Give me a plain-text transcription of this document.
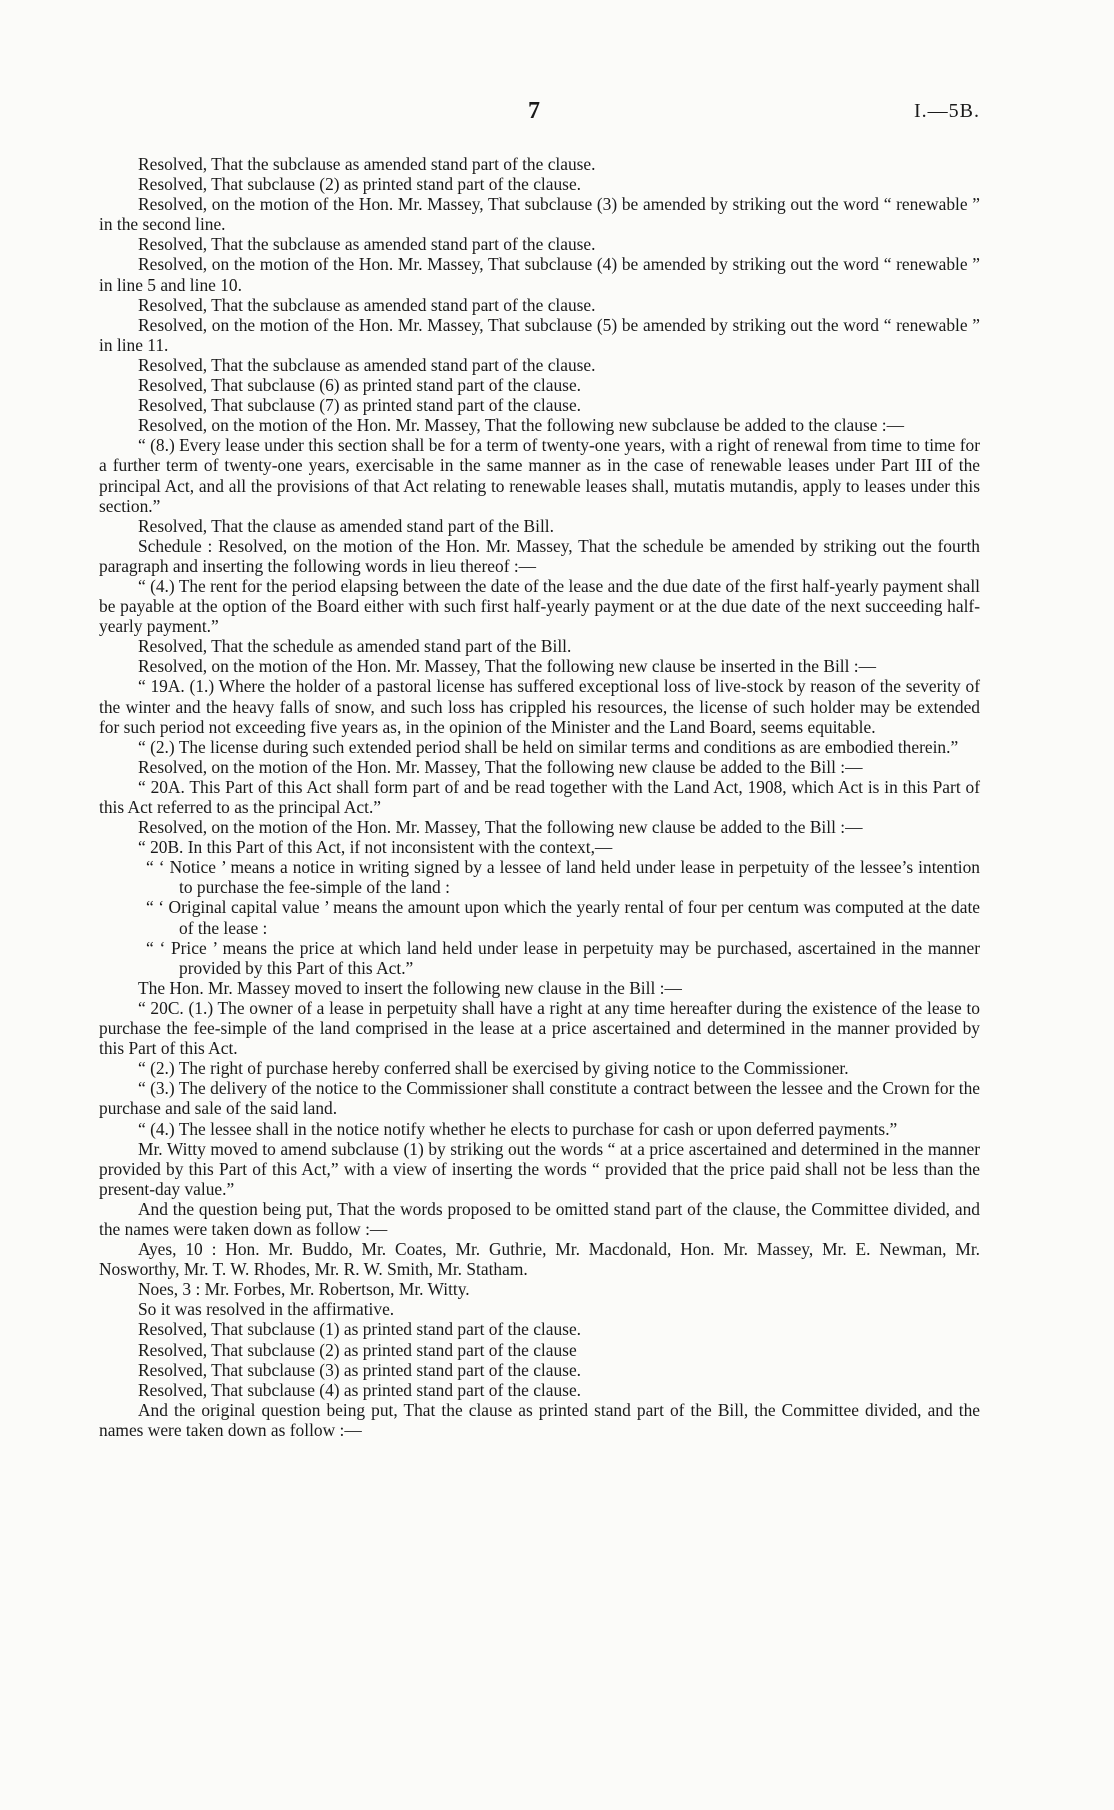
7	I.—5B.

Resolved, That the subclause as amended stand part of the clause.

Resolved, That subclause (2) as printed stand part of the clause.

Resolved, on the motion of the Hon. Mr. Massey, That subclause (3) be amended by striking out the word “ renewable ” in the second line.

Resolved, That the subclause as amended stand part of the clause.

Resolved, on the motion of the Hon. Mr. Massey, That subclause (4) be amended by striking out the word “ renewable ” in line 5 and line 10.

Resolved, That the subclause as amended stand part of the clause.

Resolved, on the motion of the Hon. Mr. Massey, That subclause (5) be amended by striking out the word “ renewable ” in line 11.

Resolved, That the subclause as amended stand part of the clause.

Resolved, That subclause (6) as printed stand part of the clause.

Resolved, That subclause (7) as printed stand part of the clause.

Resolved, on the motion of the Hon. Mr. Massey, That the following new subclause be added to the clause :—

“ (8.) Every lease under this section shall be for a term of twenty-one years, with a right of renewal from time to time for a further term of twenty-one years, exercisable in the same manner as in the case of renewable leases under Part III of the principal Act, and all the provisions of that Act relating to renewable leases shall, mutatis mutandis, apply to leases under this section.”

Resolved, That the clause as amended stand part of the Bill.

Schedule : Resolved, on the motion of the Hon. Mr. Massey, That the schedule be amended by striking out the fourth paragraph and inserting the following words in lieu thereof :—

“ (4.) The rent for the period elapsing between the date of the lease and the due date of the first half-yearly payment shall be payable at the option of the Board either with such first half-yearly payment or at the due date of the next succeeding half-yearly payment.”

Resolved, That the schedule as amended stand part of the Bill.

Resolved, on the motion of the Hon. Mr. Massey, That the following new clause be inserted in the Bill :—

“ 19A. (1.) Where the holder of a pastoral license has suffered exceptional loss of live-stock by reason of the severity of the winter and the heavy falls of snow, and such loss has crippled his resources, the license of such holder may be extended for such period not exceeding five years as, in the opinion of the Minister and the Land Board, seems equitable.

“ (2.) The license during such extended period shall be held on similar terms and conditions as are embodied therein.”

Resolved, on the motion of the Hon. Mr. Massey, That the following new clause be added to the Bill :—

“ 20A. This Part of this Act shall form part of and be read together with the Land Act, 1908, which Act is in this Part of this Act referred to as the principal Act.”

Resolved, on the motion of the Hon. Mr. Massey, That the following new clause be added to the Bill :—

“ 20B. In this Part of this Act, if not inconsistent with the context,—

“ ‘ Notice ’ means a notice in writing signed by a lessee of land held under lease in perpetuity of the lessee’s intention to purchase the fee-simple of the land :

“ ‘ Original capital value ’ means the amount upon which the yearly rental of four per centum was computed at the date of the lease :

“ ‘ Price ’ means the price at which land held under lease in perpetuity may be purchased, ascertained in the manner provided by this Part of this Act.”

The Hon. Mr. Massey moved to insert the following new clause in the Bill :—

“ 20C. (1.) The owner of a lease in perpetuity shall have a right at any time hereafter during the existence of the lease to purchase the fee-simple of the land comprised in the lease at a price ascertained and determined in the manner provided by this Part of this Act.

“ (2.) The right of purchase hereby conferred shall be exercised by giving notice to the Commissioner.

“ (3.) The delivery of the notice to the Commissioner shall constitute a contract between the lessee and the Crown for the purchase and sale of the said land.

“ (4.) The lessee shall in the notice notify whether he elects to purchase for cash or upon deferred payments.”

Mr. Witty moved to amend subclause (1) by striking out the words “ at a price ascertained and determined in the manner provided by this Part of this Act,” with a view of inserting the words “ provided that the price paid shall not be less than the present-day value.”

And the question being put, That the words proposed to be omitted stand part of the clause, the Committee divided, and the names were taken down as follow :—

Ayes, 10 : Hon. Mr. Buddo, Mr. Coates, Mr. Guthrie, Mr. Macdonald, Hon. Mr. Massey, Mr. E. Newman, Mr. Nosworthy, Mr. T. W. Rhodes, Mr. R. W. Smith, Mr. Statham.

Noes, 3 : Mr. Forbes, Mr. Robertson, Mr. Witty.

So it was resolved in the affirmative.

Resolved, That subclause (1) as printed stand part of the clause.

Resolved, That subclause (2) as printed stand part of the clause

Resolved, That subclause (3) as printed stand part of the clause.

Resolved, That subclause (4) as printed stand part of the clause.

And the original question being put, That the clause as printed stand part of the Bill, the Committee divided, and the names were taken down as follow :—
